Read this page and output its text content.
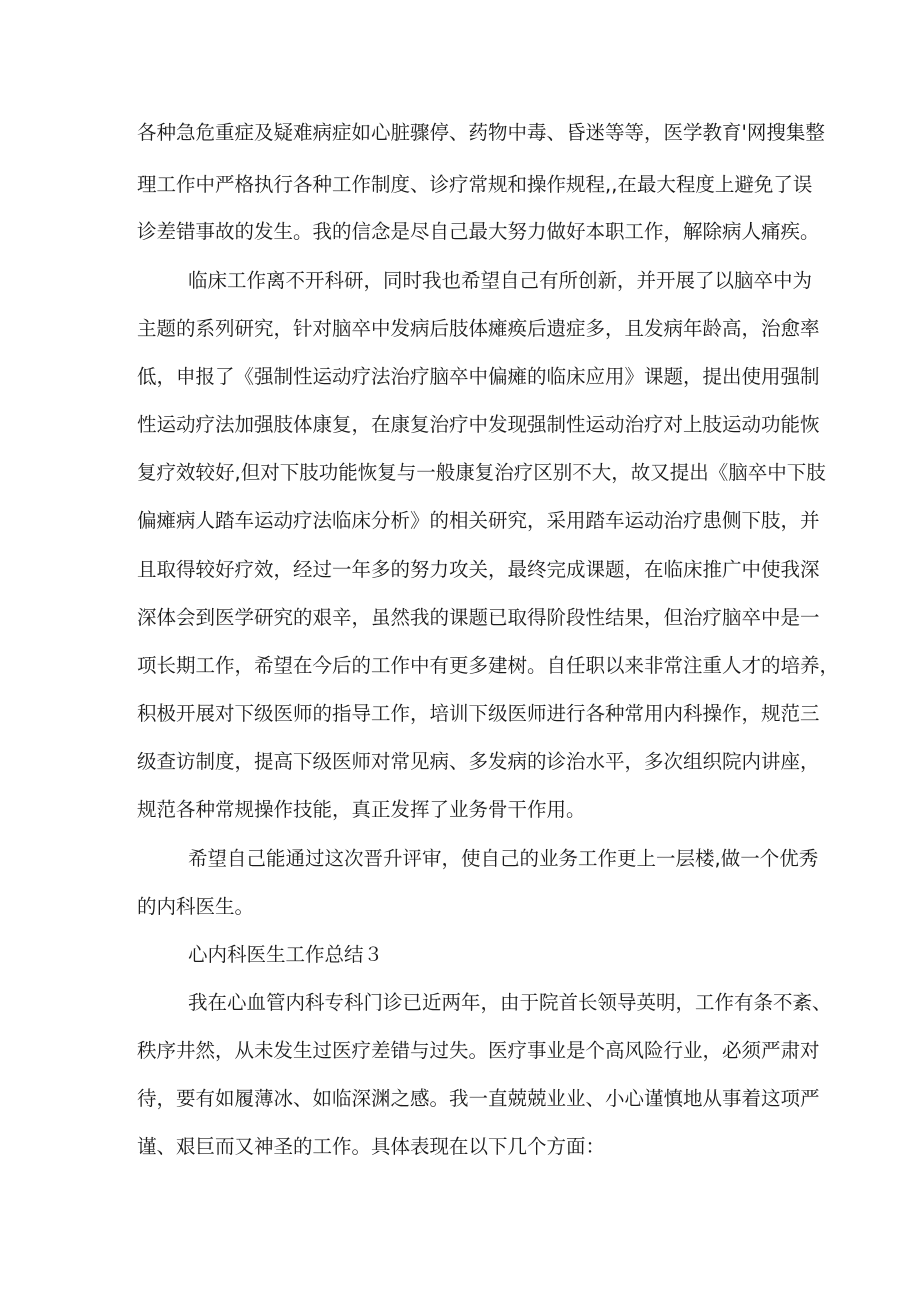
各种急危重症及疑难病症如心脏骤停、药物中毒、昏迷等等，医学教育'网搜集整
理工作中严格执行各种工作制度、诊疗常规和操作规程,,在最大程度上避免了误
诊差错事故的发生。我的信念是尽自己最大努力做好本职工作，解除病人痛疾。
临床工作离不开科研，同时我也希望自己有所创新，并开展了以脑卒中为
主题的系列研究，针对脑卒中发病后肢体瘫痪后遗症多，且发病年龄高，治愈率
低，申报了《强制性运动疗法治疗脑卒中偏瘫的临床应用》课题，提出使用强制
性运动疗法加强肢体康复，在康复治疗中发现强制性运动治疗对上肢运动功能恢
复疗效较好,但对下肢功能恢复与一般康复治疗区别不大，故又提出《脑卒中下肢
偏瘫病人踏车运动疗法临床分析》的相关研究，采用踏车运动治疗患侧下肢，并
且取得较好疗效，经过一年多的努力攻关，最终完成课题，在临床推广中使我深
深体会到医学研究的艰辛，虽然我的课题已取得阶段性结果，但治疗脑卒中是一
项长期工作，希望在今后的工作中有更多建树。自任职以来非常注重人才的培养，
积极开展对下级医师的指导工作，培训下级医师进行各种常用内科操作，规范三
级查访制度，提高下级医师对常见病、多发病的诊治水平，多次组织院内讲座，
规范各种常规操作技能，真正发挥了业务骨干作用。
希望自己能通过这次晋升评审，使自己的业务工作更上一层楼,做一个优秀
的内科医生。
心内科医生工作总结３
我在心血管内科专科门诊已近两年，由于院首长领导英明，工作有条不紊、
秩序井然，从未发生过医疗差错与过失。医疗事业是个高风险行业，必须严肃对
待，要有如履薄冰、如临深渊之感。我一直兢兢业业、小心谨慎地从事着这项严
谨、艰巨而又神圣的工作。具体表现在以下几个方面：
